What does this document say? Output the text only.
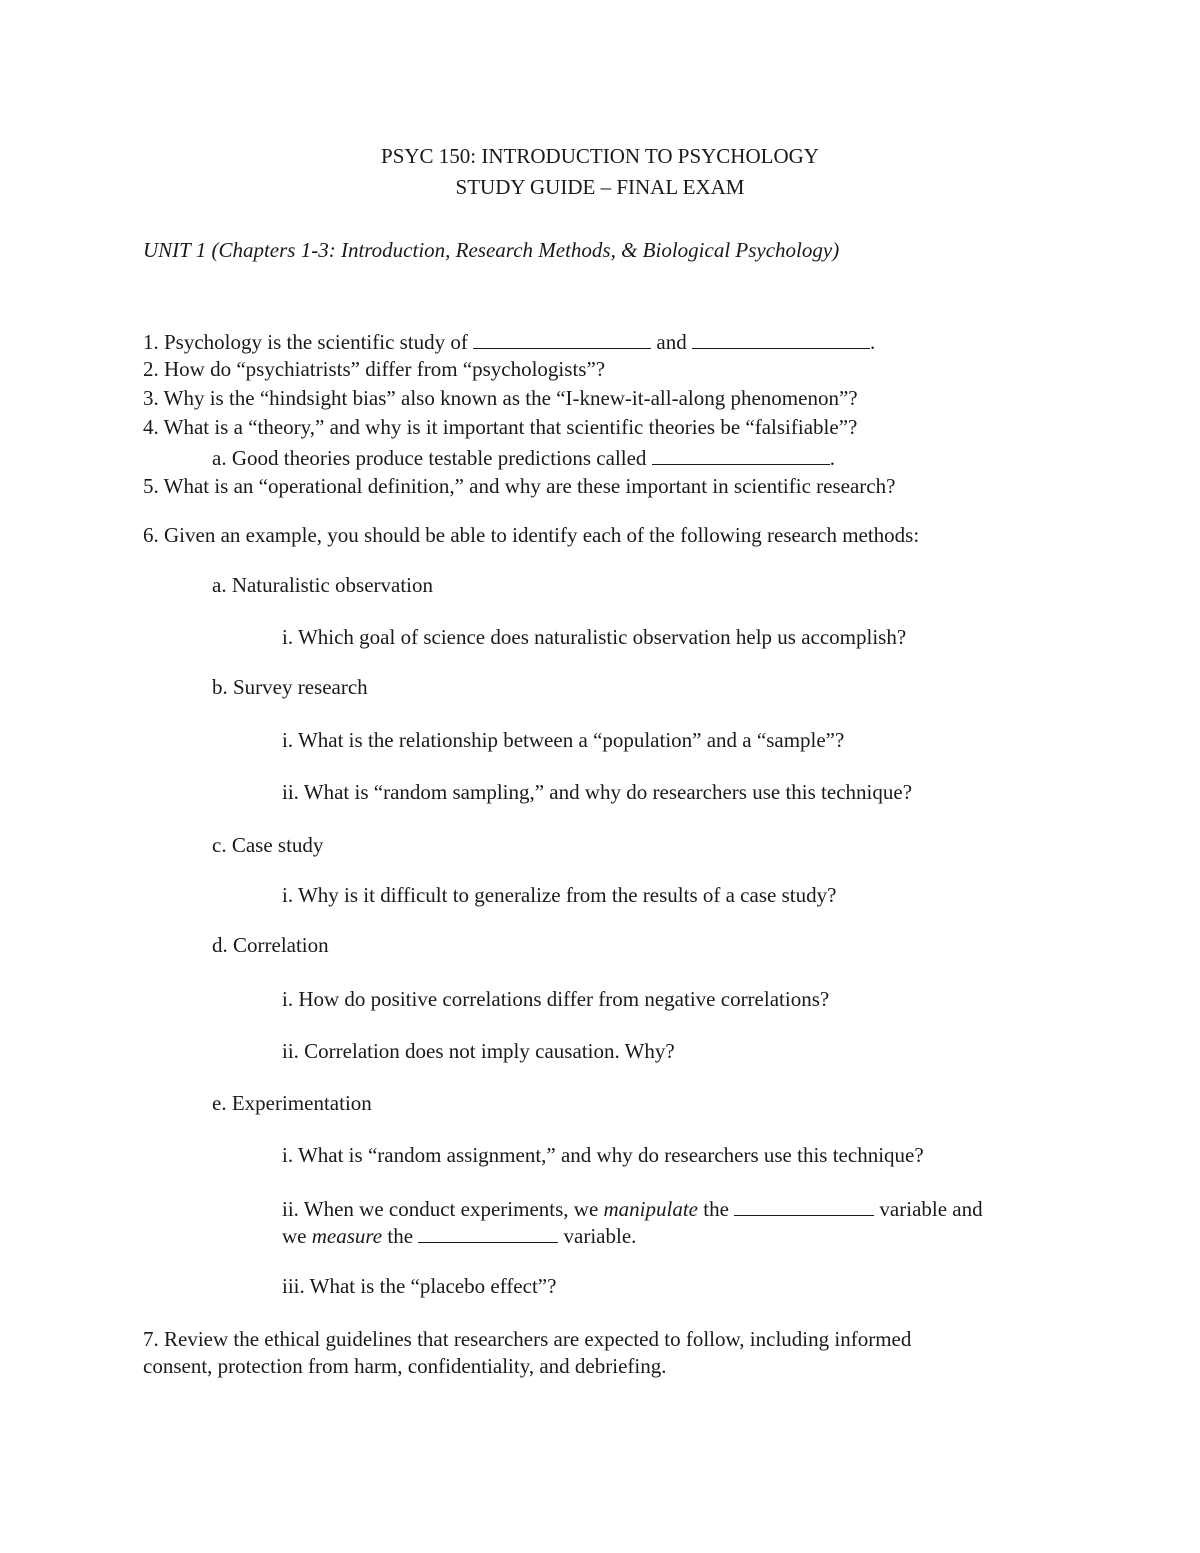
PSYC 150: INTRODUCTION TO PSYCHOLOGY
STUDY GUIDE – FINAL EXAM
UNIT 1 (Chapters 1-3: Introduction, Research Methods, & Biological Psychology)
1. Psychology is the scientific study of	and	.
2. How do “psychiatrists” differ from “psychologists”?
3. Why is the “hindsight bias” also known as the “I-knew-it-all-along phenomenon”?
4. What is a “theory,” and why is it important that scientific theories be “falsifiable”?
a. Good theories produce testable predictions called	.
5. What is an “operational definition,” and why are these important in scientific research?
6. Given an example, you should be able to identify each of the following research methods:
a. Naturalistic observation
i. Which goal of science does naturalistic observation help us accomplish?
b. Survey research
i. What is the relationship between a “population” and a “sample”?
ii. What is “random sampling,” and why do researchers use this technique?
c. Case study
i. Why is it difficult to generalize from the results of a case study?
d. Correlation
i. How do positive correlations differ from negative correlations?
ii. Correlation does not imply causation. Why?
e. Experimentation
i. What is “random assignment,” and why do researchers use this technique?
ii. When we conduct experiments, we manipulate the	variable and
we measure the	variable.
iii. What is the “placebo effect”?
7. Review the ethical guidelines that researchers are expected to follow, including informed
consent, protection from harm, confidentiality, and debriefing.
